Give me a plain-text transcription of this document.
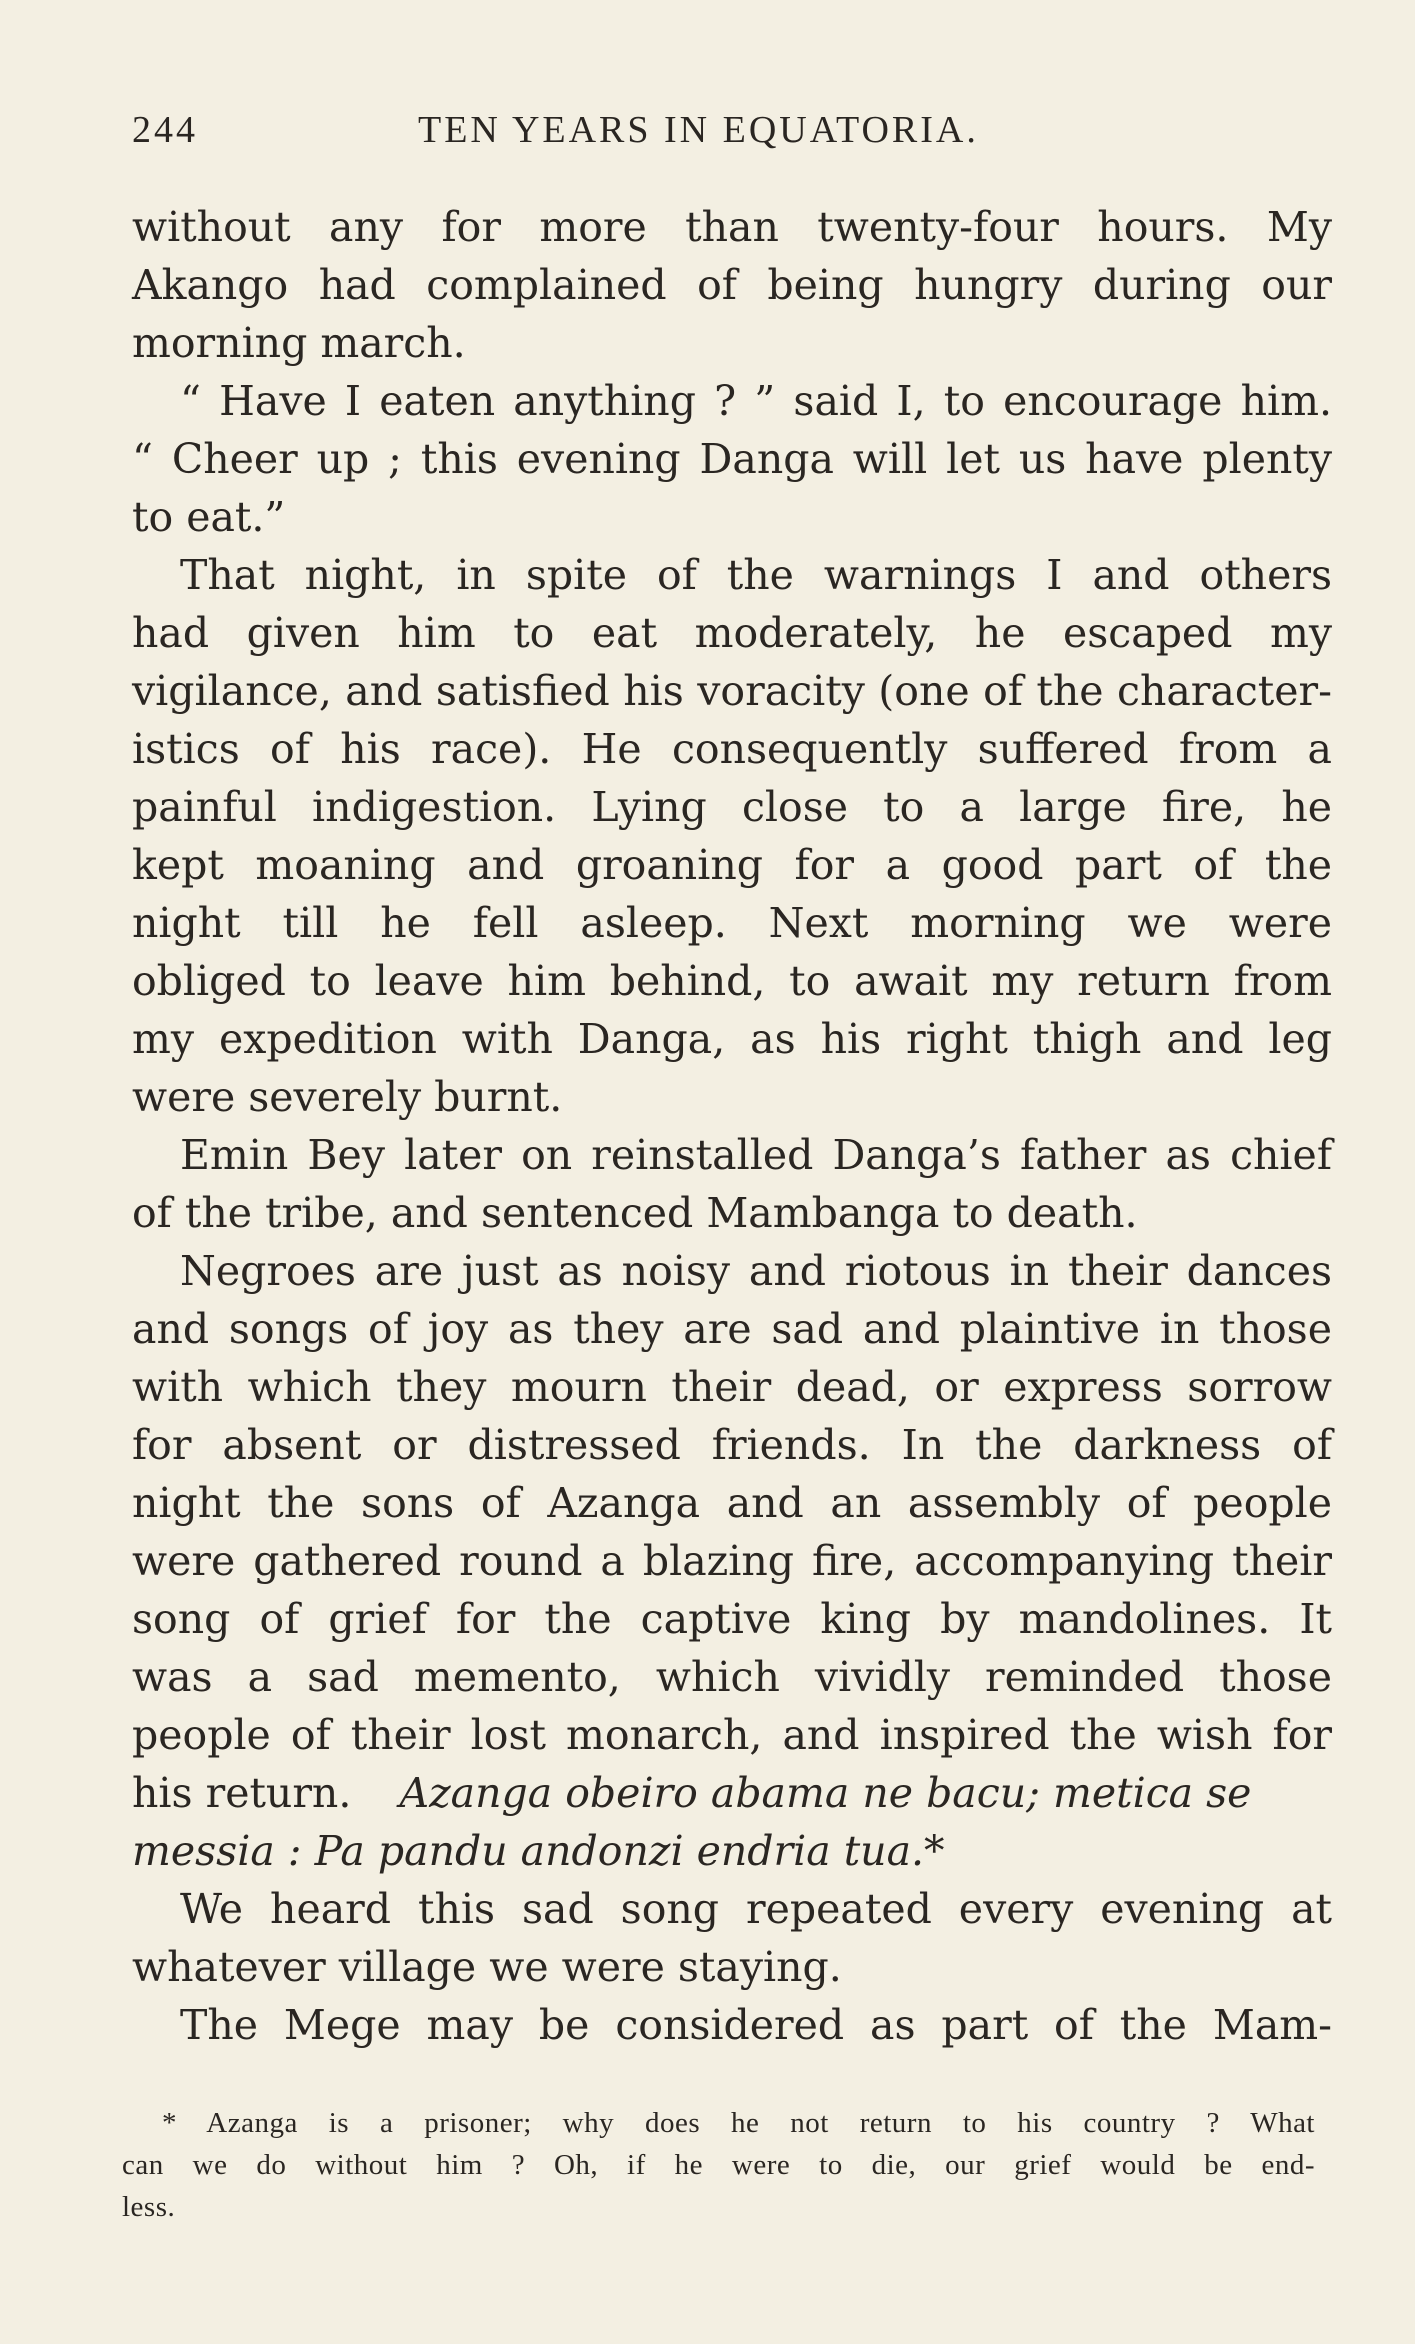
244	TEN YEARS IN EQUATORIA.
without any for more than twenty-four hours. My
Akango had complained of being hungry during our
morning march.
“ Have I eaten anything ? ” said I, to encourage him.
“ Cheer up ; this evening Danga will let us have plenty
to eat.”
That night, in spite of the warnings I and others
had given him to eat moderately, he escaped my
vigilance, and satisfied his voracity (one of the character-
istics of his race). He consequently suffered from a
painful indigestion. Lying close to a large fire, he
kept moaning and groaning for a good part of the
night till he fell asleep. Next morning we were
obliged to leave him behind, to await my return from
my expedition with Danga, as his right thigh and leg
were severely burnt.
Emin Bey later on reinstalled Danga’s father as chief
of the tribe, and sentenced Mambanga to death.
Negroes are just as noisy and riotous in their dances
and songs of joy as they are sad and plaintive in those
with which they mourn their dead, or express sorrow
for absent or distressed friends. In the darkness of
night the sons of Azanga and an assembly of people
were gathered round a blazing fire, accompanying their
song of grief for the captive king by mandolines. It
was a sad memento, which vividly reminded those
people of their lost monarch, and inspired the wish for
his return. Azanga obeiro abama ne bacu; metica se
messia : Pa pandu andonzi endria tua.*
We heard this sad song repeated every evening at
whatever village we were staying.
The Mege may be considered as part of the Mam-
* Azanga is a prisoner; why does he not return to his country ? What
can we do without him ? Oh, if he were to die, our grief would be end-
less.
